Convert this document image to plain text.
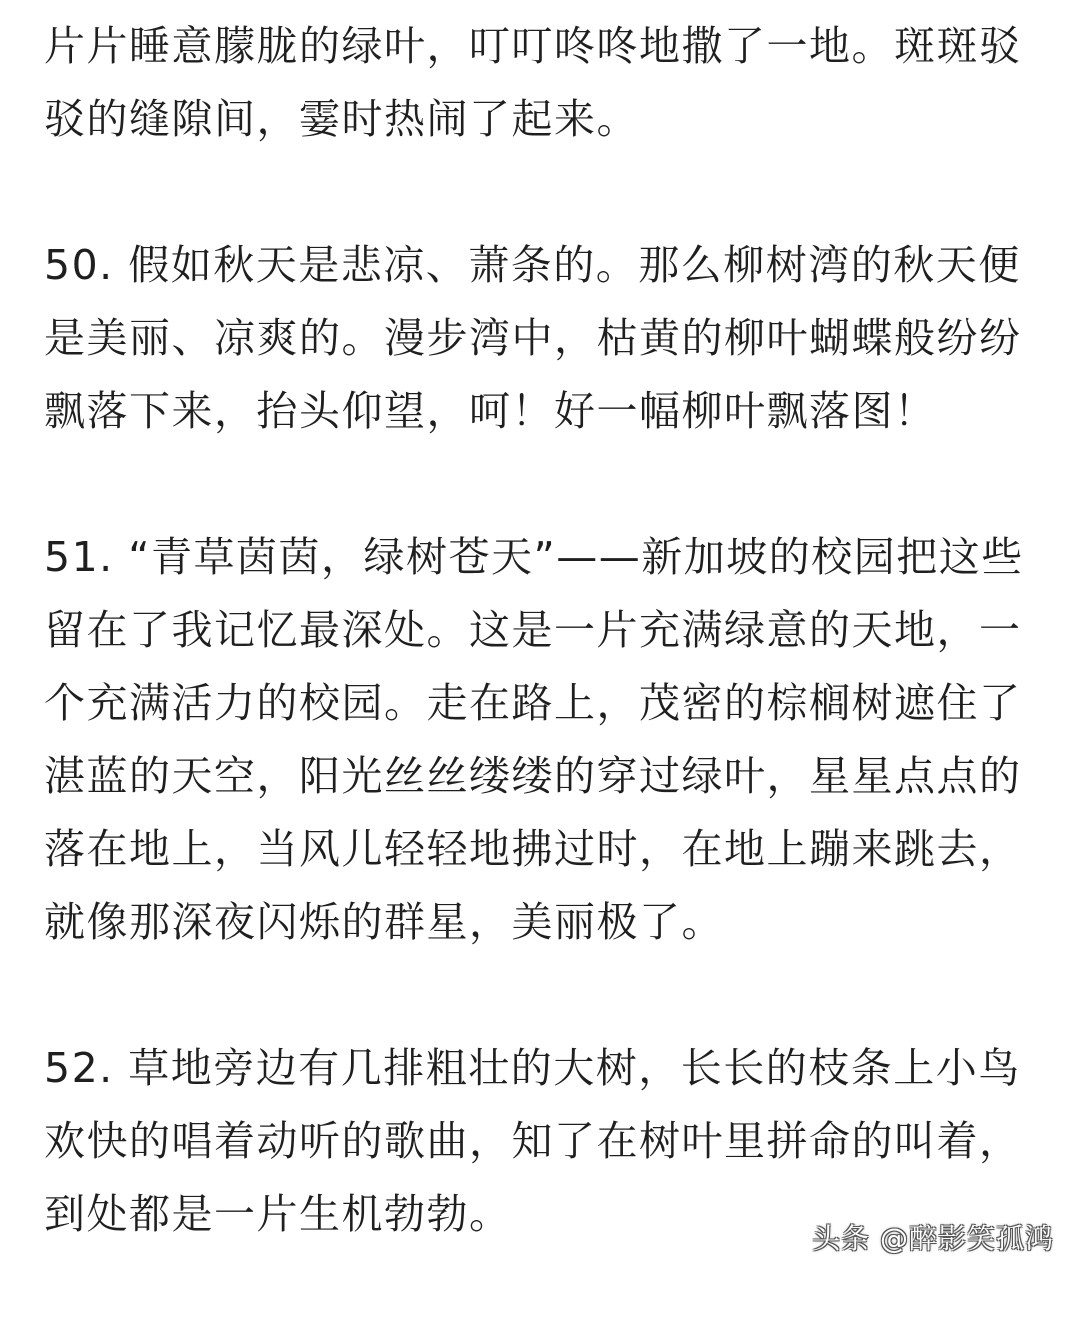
片片睡意朦胧的绿叶，叮叮咚咚地撒了一地。斑斑驳驳的缝隙间，霎时热闹了起来。

50. 假如秋天是悲凉、萧条的。那么柳树湾的秋天便是美丽、凉爽的。漫步湾中，枯黄的柳叶蝴蝶般纷纷飘落下来，抬头仰望，呵！好一幅柳叶飘落图！

51. “青草茵茵，绿树苍天”——新加坡的校园把这些留在了我记忆最深处。这是一片充满绿意的天地，一个充满活力的校园。走在路上，茂密的棕榈树遮住了湛蓝的天空，阳光丝丝缕缕的穿过绿叶，星星点点的落在地上，当风儿轻轻地拂过时，在地上蹦来跳去，就像那深夜闪烁的群星，美丽极了。

52. 草地旁边有几排粗壮的大树，长长的枝条上小鸟欢快的唱着动听的歌曲，知了在树叶里拼命的叫着，到处都是一片生机勃勃。

头条 @醉影笑孤鸿
